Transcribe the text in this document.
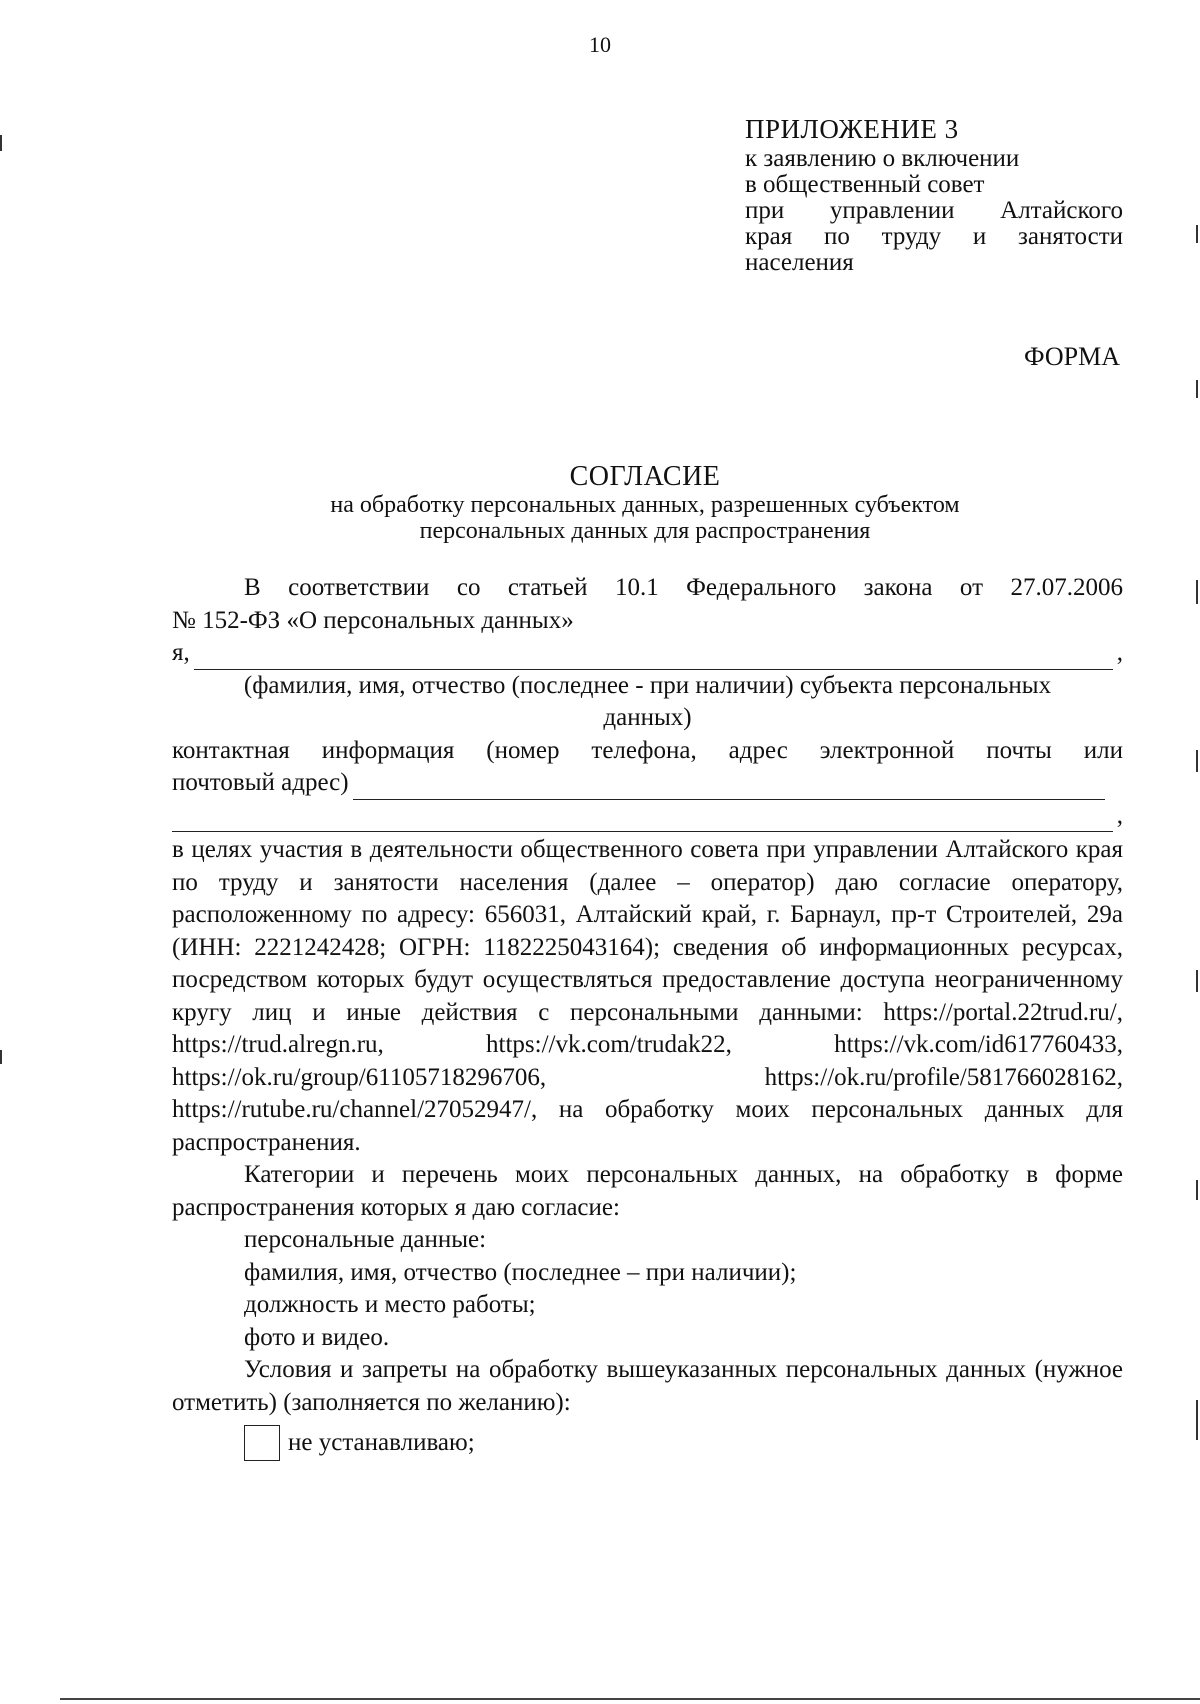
10
ПРИЛОЖЕНИЕ 3
к заявлению о включении
в общественный совет
при управлении Алтайского
края по труду и занятости
населения
ФОРМА
СОГЛАСИЕ
на обработку персональных данных, разрешенных субъектом
персональных данных для распространения

В соответствии со статьей 10.1 Федерального закона от 27.07.2006

№ 152-ФЗ «О персональных данных»

я,	,

(фамилия, имя, отчество (последнее - при наличии) субъекта персональных

данных)

контактная информация (номер телефона, адрес электронной почты или

почтовый адрес)
,

в целях участия в деятельности общественного совета при управлении Алтайского края по труду и занятости населения (далее – оператор) даю согласие оператору, расположенному по адресу: 656031, Алтайский край, г. Барнаул, пр-т Строителей, 29а (ИНН: 2221242428; ОГРН: 1182225043164); сведения об информационных ресурсах, посредством которых будут осуществляться предоставление доступа неограниченному кругу лиц и иные действия с персональными данными: https://portal.22trud.ru/, https://trud.alregn.ru, https://vk.com/trudak22, https://vk.com/id617760433, https://ok.ru/group/61105718296706, https://ok.ru/profile/581766028162, https://rutube.ru/channel/27052947/, на обработку моих персональных данных для распространения.

Категории и перечень моих персональных данных, на обработку в форме распространения которых я даю согласие:

персональные данные:

фамилия, имя, отчество (последнее – при наличии);

должность и место работы;

фото и видео.

Условия и запреты на обработку вышеуказанных персональных данных (нужное отметить) (заполняется по желанию):

не устанавливаю;
